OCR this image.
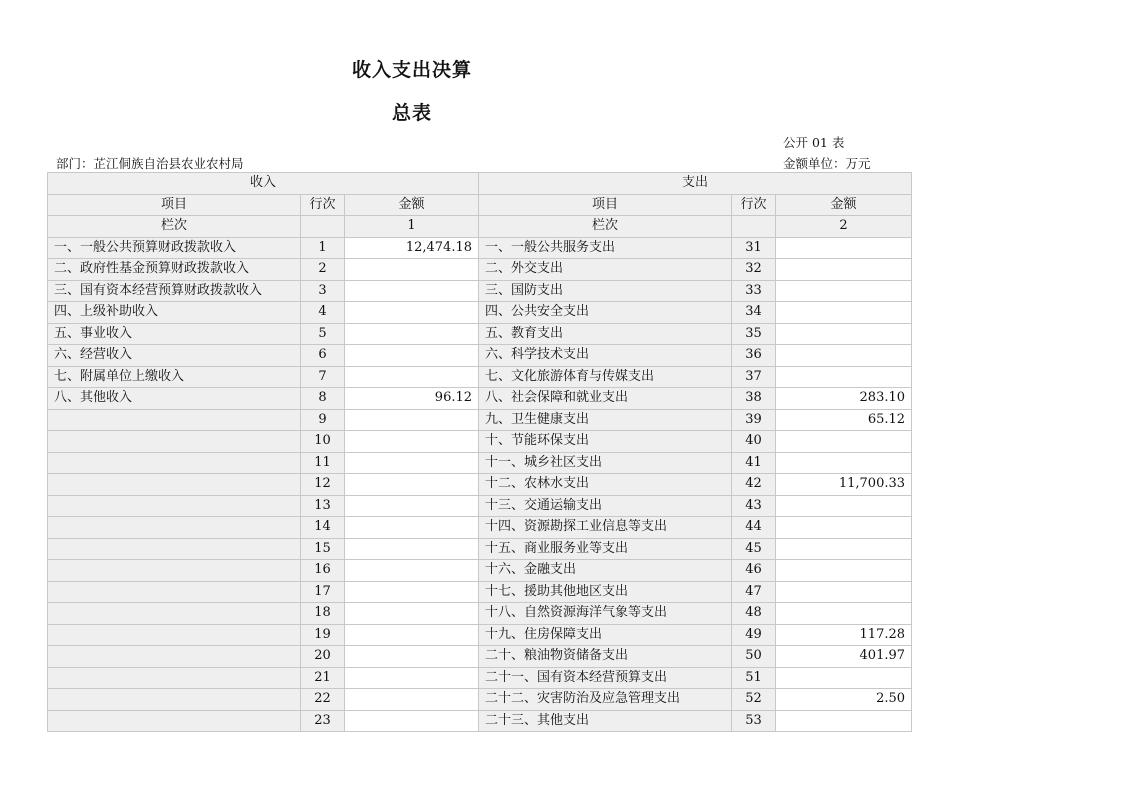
收入支出决算
总表
公开 01 表
部门：芷江侗族自治县农业农村局	金额单位：万元
收入			支出		
项目	行次	金额	项目	行次	金额
栏次		1	栏次		2
一、一般公共预算财政拨款收入	1	12,474.18	一、一般公共服务支出	31	
二、政府性基金预算财政拨款收入	2		二、外交支出	32	
三、国有资本经营预算财政拨款收入	3		三、国防支出	33	
四、上级补助收入	4		四、公共安全支出	34	
五、事业收入	5		五、教育支出	35	
六、经营收入	6		六、科学技术支出	36	
七、附属单位上缴收入	7		七、文化旅游体育与传媒支出	37	
八、其他收入	8	96.12	八、社会保障和就业支出	38	283.10
	9		九、卫生健康支出	39	65.12
	10		十、节能环保支出	40	
	11		十一、城乡社区支出	41	
	12		十二、农林水支出	42	11,700.33
	13		十三、交通运输支出	43	
	14		十四、资源勘探工业信息等支出	44	
	15		十五、商业服务业等支出	45	
	16		十六、金融支出	46	
	17		十七、援助其他地区支出	47	
	18		十八、自然资源海洋气象等支出	48	
	19		十九、住房保障支出	49	117.28
	20		二十、粮油物资储备支出	50	401.97
	21		二十一、国有资本经营预算支出	51	
	22		二十二、灾害防治及应急管理支出	52	2.50
	23		二十三、其他支出	53	
